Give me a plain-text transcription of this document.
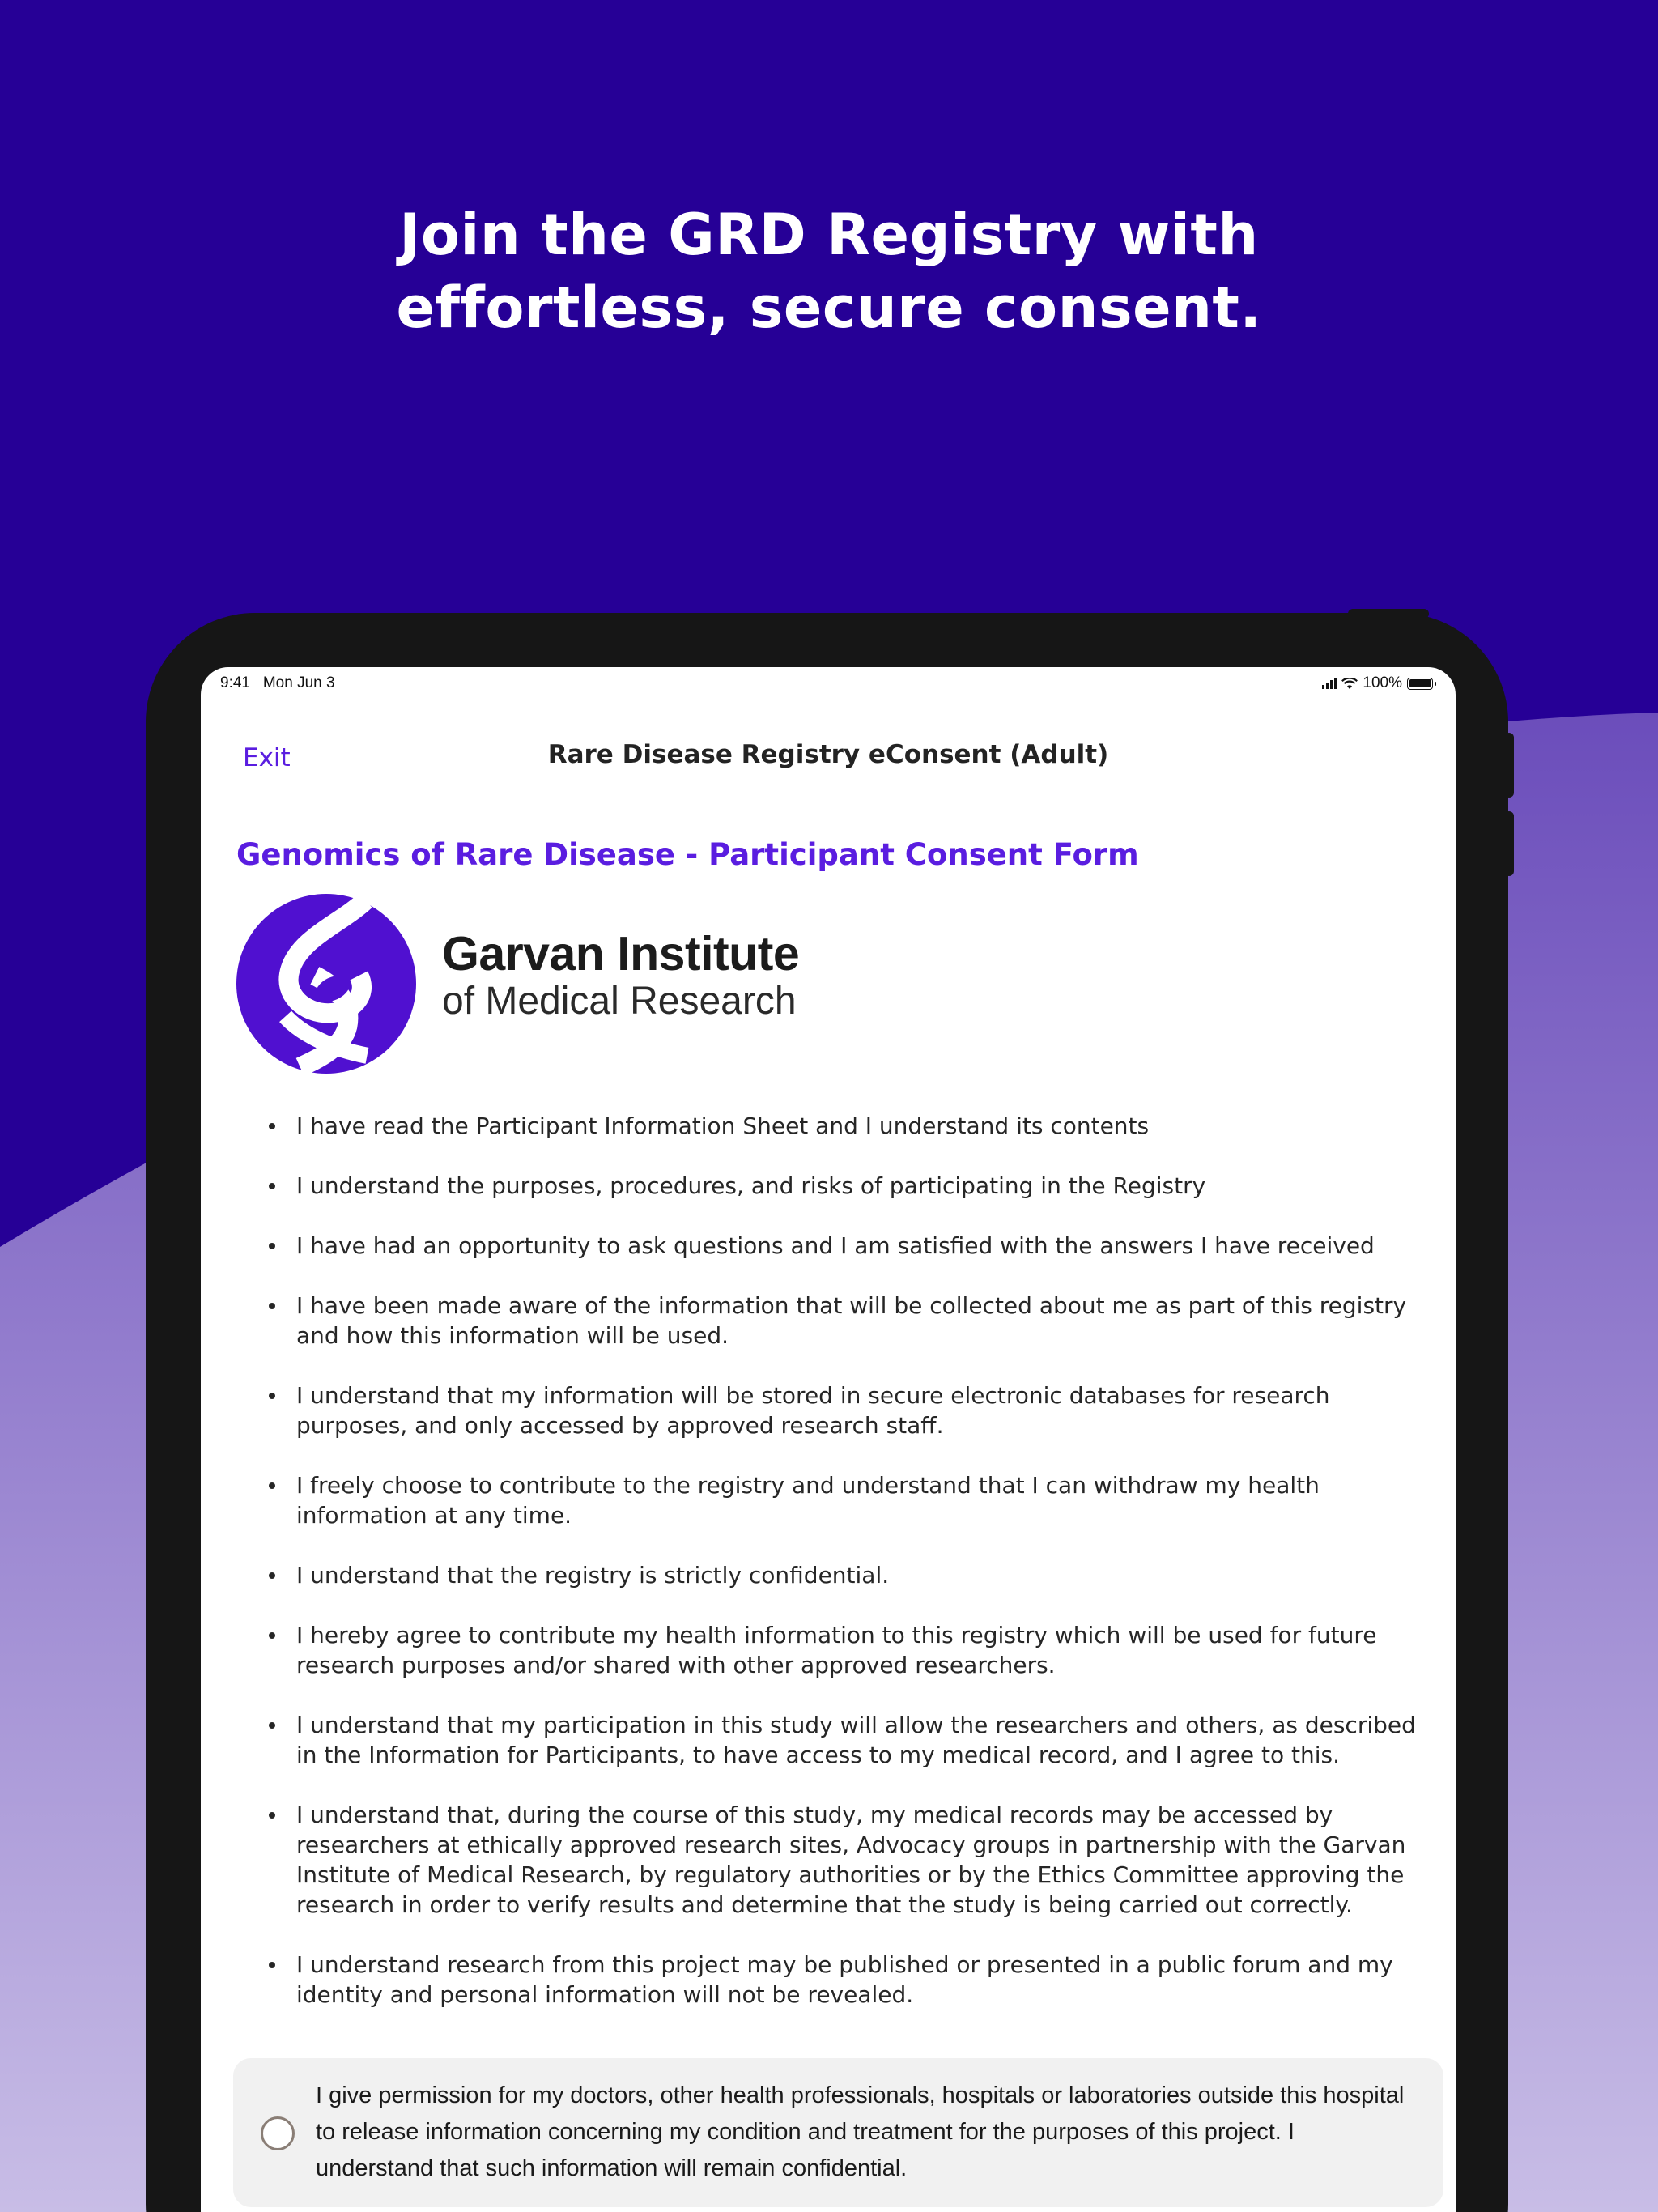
Join the GRD Registry with
effortless, secure consent.
9:41 Mon Jun 3	100%
Exit	Rare Disease Registry eConsent (Adult)
Genomics of Rare Disease - Participant Consent Form
Garvan Institute
of Medical Research
I have read the Participant Information Sheet and I understand its contents
I understand the purposes, procedures, and risks of participating in the Registry
I have had an opportunity to ask questions and I am satisfied with the answers I have received
I have been made aware of the information that will be collected about me as part of this registry and how this information will be used.
I understand that my information will be stored in secure electronic databases for research purposes, and only accessed by approved research staff.
I freely choose to contribute to the registry and understand that I can withdraw my health information at any time.
I understand that the registry is strictly confidential.
I hereby agree to contribute my health information to this registry which will be used for future research purposes and/or shared with other approved researchers.
I understand that my participation in this study will allow the researchers and others, as described in the Information for Participants, to have access to my medical record, and I agree to this.
I understand that, during the course of this study, my medical records may be accessed by researchers at ethically approved research sites, Advocacy groups in partnership with the Garvan Institute of Medical Research, by regulatory authorities or by the Ethics Committee approving the research in order to verify results and determine that the study is being carried out correctly.
I understand research from this project may be published or presented in a public forum and my identity and personal information will not be revealed.

I give permission for my doctors, other health professionals, hospitals or laboratories outside this hospital to release information concerning my condition and treatment for the purposes of this project. I understand that such information will remain confidential.
